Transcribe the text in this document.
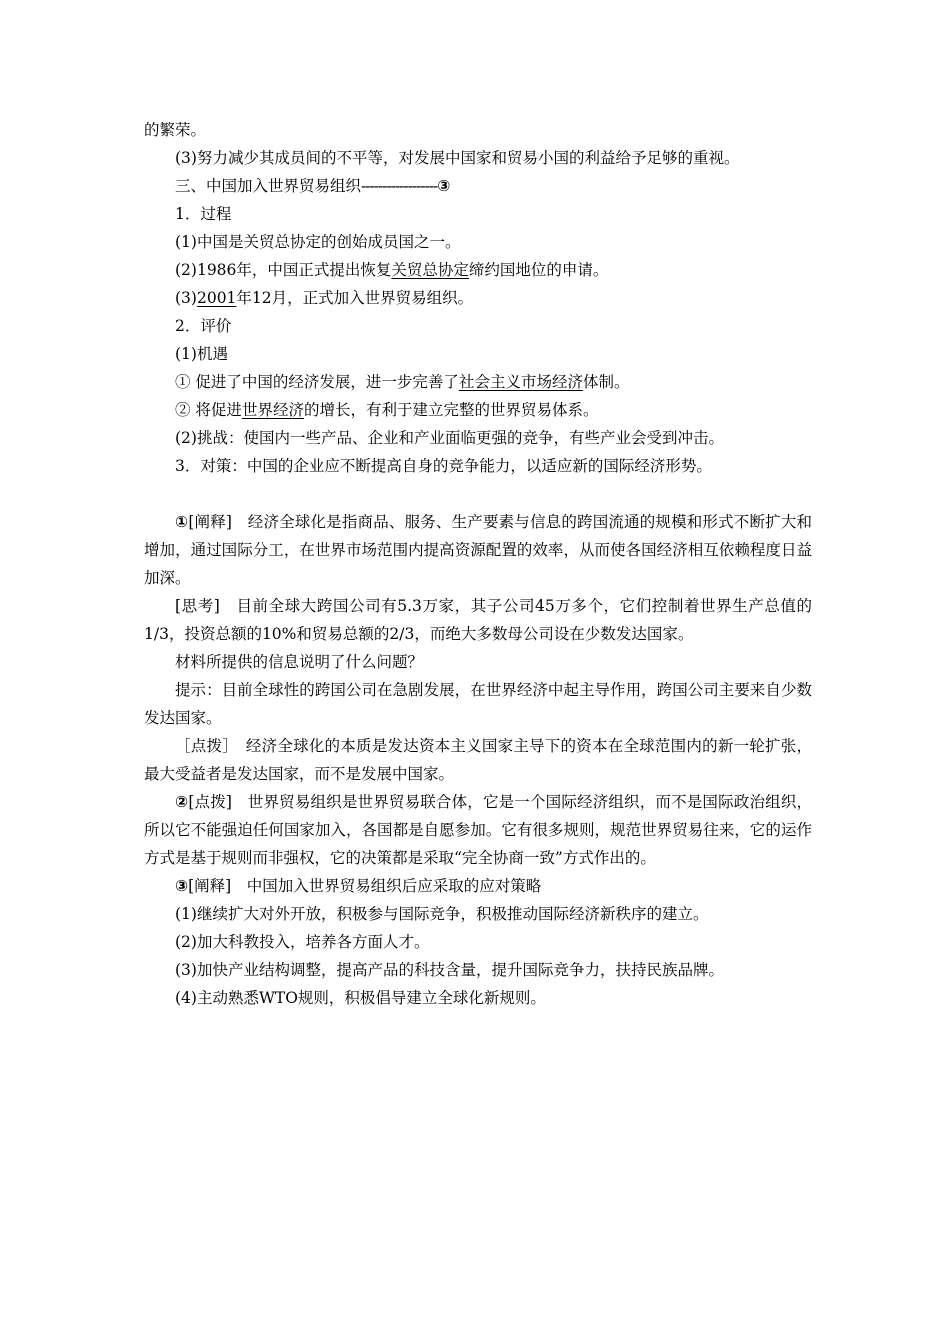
的繁荣。

(3)努力减少其成员间的不平等，对发展中国家和贸易小国的利益给予足够的重视。

三、中国加入世界贸易组织------------------③

1．过程

(1)中国是关贸总协定的创始成员国之一。

(2)1986年，中国正式提出恢复关贸总协定缔约国地位的申请。

(3)2001年12月，正式加入世界贸易组织。

2．评价

(1)机遇

① 促进了中国的经济发展，进一步完善了社会主义市场经济体制。

② 将促进世界经济的增长，有利于建立完整的世界贸易体系。

(2)挑战：使国内一些产品、企业和产业面临更强的竞争，有些产业会受到冲击。

3．对策：中国的企业应不断提高自身的竞争能力，以适应新的国际经济形势。

①[阐释]　经济全球化是指商品、服务、生产要素与信息的跨国流通的规模和形式不断扩大和增加，通过国际分工，在世界市场范围内提高资源配置的效率，从而使各国经济相互依赖程度日益加深。

[思考]　目前全球大跨国公司有5.3万家，其子公司45万多个，它们控制着世界生产总值的1/3，投资总额的10%和贸易总额的2/3，而绝大多数母公司设在少数发达国家。

材料所提供的信息说明了什么问题？

提示：目前全球性的跨国公司在急剧发展，在世界经济中起主导作用，跨国公司主要来自少数发达国家。

［点拨］　经济全球化的本质是发达资本主义国家主导下的资本在全球范围内的新一轮扩张，最大受益者是发达国家，而不是发展中国家。

②[点拨]　世界贸易组织是世界贸易联合体，它是一个国际经济组织，而不是国际政治组织，所以它不能强迫任何国家加入，各国都是自愿参加。它有很多规则，规范世界贸易往来，它的运作方式是基于规则而非强权，它的决策都是采取“完全协商一致”方式作出的。

③[阐释]　中国加入世界贸易组织后应采取的应对策略

(1)继续扩大对外开放，积极参与国际竞争，积极推动国际经济新秩序的建立。

(2)加大科教投入，培养各方面人才。

(3)加快产业结构调整，提高产品的科技含量，提升国际竞争力，扶持民族品牌。

(4)主动熟悉WTO规则，积极倡导建立全球化新规则。
